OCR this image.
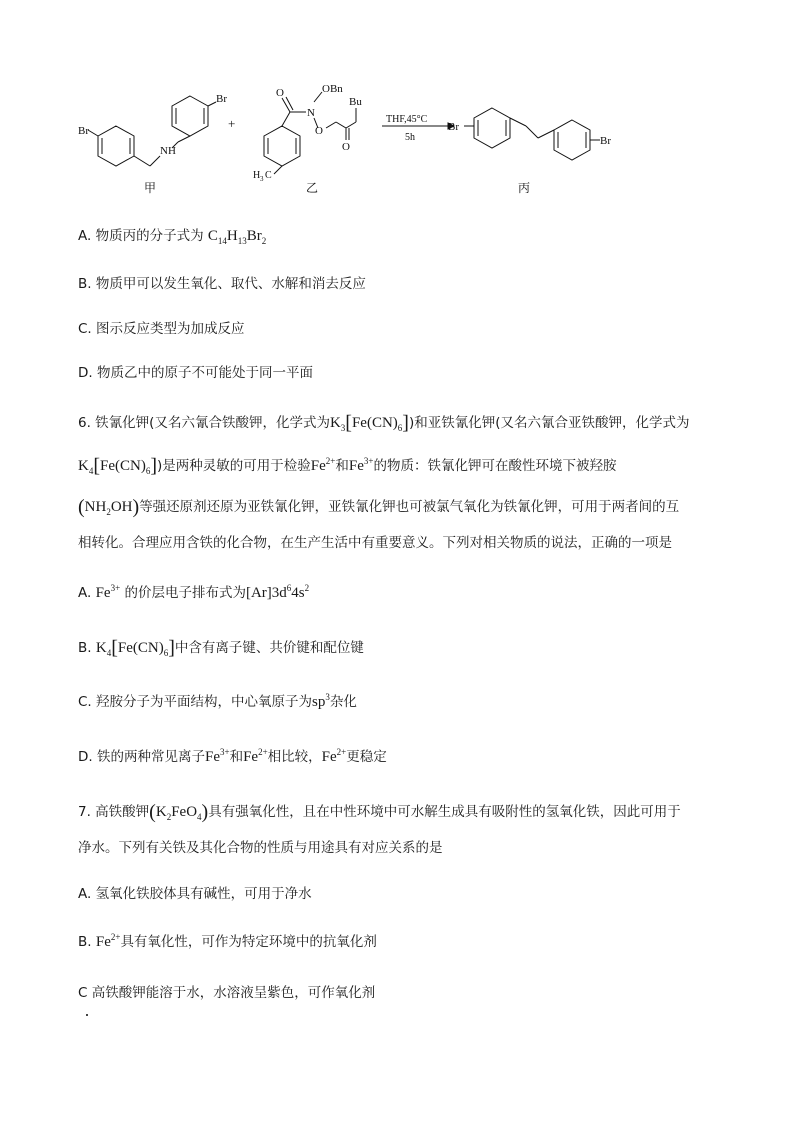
Br
Br
NH
甲
+
O
N
OBn
O
Bu
O
H 3 C
乙
THF,45°C
5h
Br
Br
丙
A. 物质丙的分子式为 $C_{14}H_{13}Br_2$
B. 物质甲可以发生氧化、取代、水解和消去反应
C. 图示反应类型为加成反应
D. 物质乙中的原子不可能处于同一平面
6. 铁氰化钾(又名六氰合铁酸钾，化学式为$K_3[Fe(CN)_6]$)和亚铁氰化钾(又名六氰合亚铁酸钾，化学式为
$K_4[Fe(CN)_6]$)是两种灵敏的可用于检验$Fe^{2+}$和$Fe^{3+}$的物质：铁氰化钾可在酸性环境下被羟胺
$(NH_2OH)$等强还原剂还原为亚铁氰化钾，亚铁氰化钾也可被氯气氧化为铁氰化钾，可用于两者间的互
相转化。合理应用含铁的化合物，在生产生活中有重要意义。下列对相关物质的说法，正确的一项是
A. $Fe^{3+}$ 的价层电子排布式为$[Ar]3d^64s^2$
B. $K_4[Fe(CN)_6]$中含有离子键、共价键和配位键
C. 羟胺分子为平面结构，中心氧原子为$sp^3$杂化
D. 铁的两种常见离子$Fe^{3+}$和$Fe^{2+}$相比较，$Fe^{2+}$更稳定
7. 高铁酸钾$(K_2FeO_4)$具有强氧化性，且在中性环境中可水解生成具有吸附性的氢氧化铁，因此可用于
净水。下列有关铁及其化合物的性质与用途具有对应关系的是
A. 氢氧化铁胶体具有碱性，可用于净水
B. $Fe^{2+}$具有氧化性，可作为特定环境中的抗氧化剂
C 高铁酸钾能溶于水，水溶液呈紫色，可作氧化剂
